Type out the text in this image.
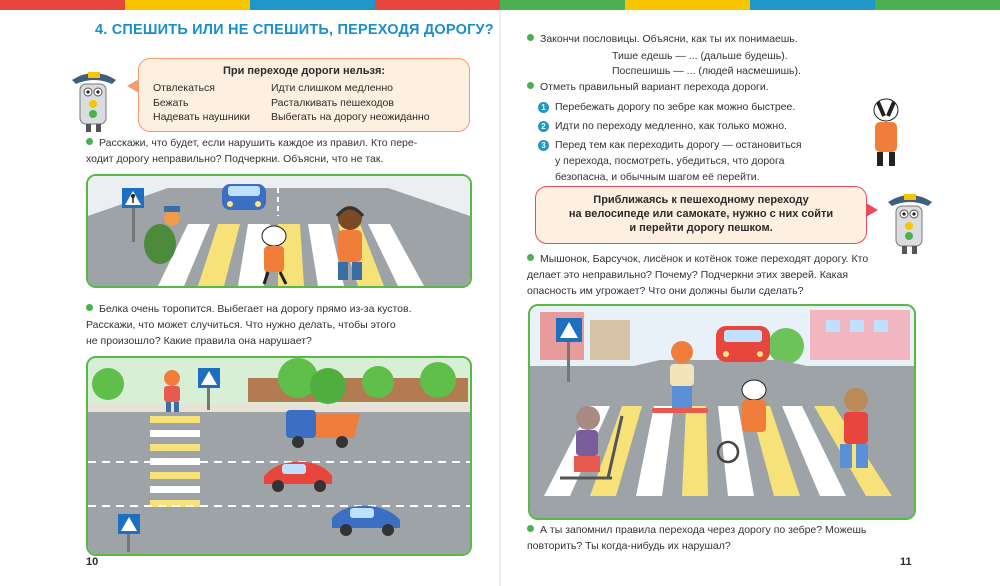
4. СПЕШИТЬ ИЛИ НЕ СПЕШИТЬ, ПЕРЕХОДЯ ДОРОГУ?
При переходе дороги нельзя:
Отвлекаться
Бежать
Надевать наушники
Идти слишком медленно
Расталкивать пешеходов
Выбегать на дорогу неожиданно
Расскажи, что будет, если нарушить каждое из правил. Кто пере-
ходит дорогу неправильно? Подчеркни. Объясни, что не так.
Белка очень торопится. Выбегает на дорогу прямо из-за кустов.
Расскажи, что может случиться. Что нужно делать, чтобы этого
не произошло? Какие правила она нарушает?
10
Закончи пословицы. Объясни, как ты их понимаешь.
Тише едешь — ... (дальше будешь).
Поспешишь — ... (людей насмешишь).
Отметь правильный вариант перехода дороги.
1 Перебежать дорогу по зебре как можно быстрее.
2 Идти по переходу медленно, как только можно.
3 Перед тем как переходить дорогу — остановиться
у перехода, посмотреть, убедиться, что дорога
безопасна, и обычным шагом её перейти.
Приближаясь к пешеходному переходу
на велосипеде или самокате, нужно с них сойти
и перейти дорогу пешком.
Мышонок, Барсучок, лисёнок и котёнок тоже переходят дорогу. Кто
делает это неправильно? Почему? Подчеркни этих зверей. Какая
опасность им угрожает? Что они должны были сделать?
А ты запомнил правила перехода через дорогу по зебре? Можешь
повторить? Ты когда-нибудь их нарушал?
11
